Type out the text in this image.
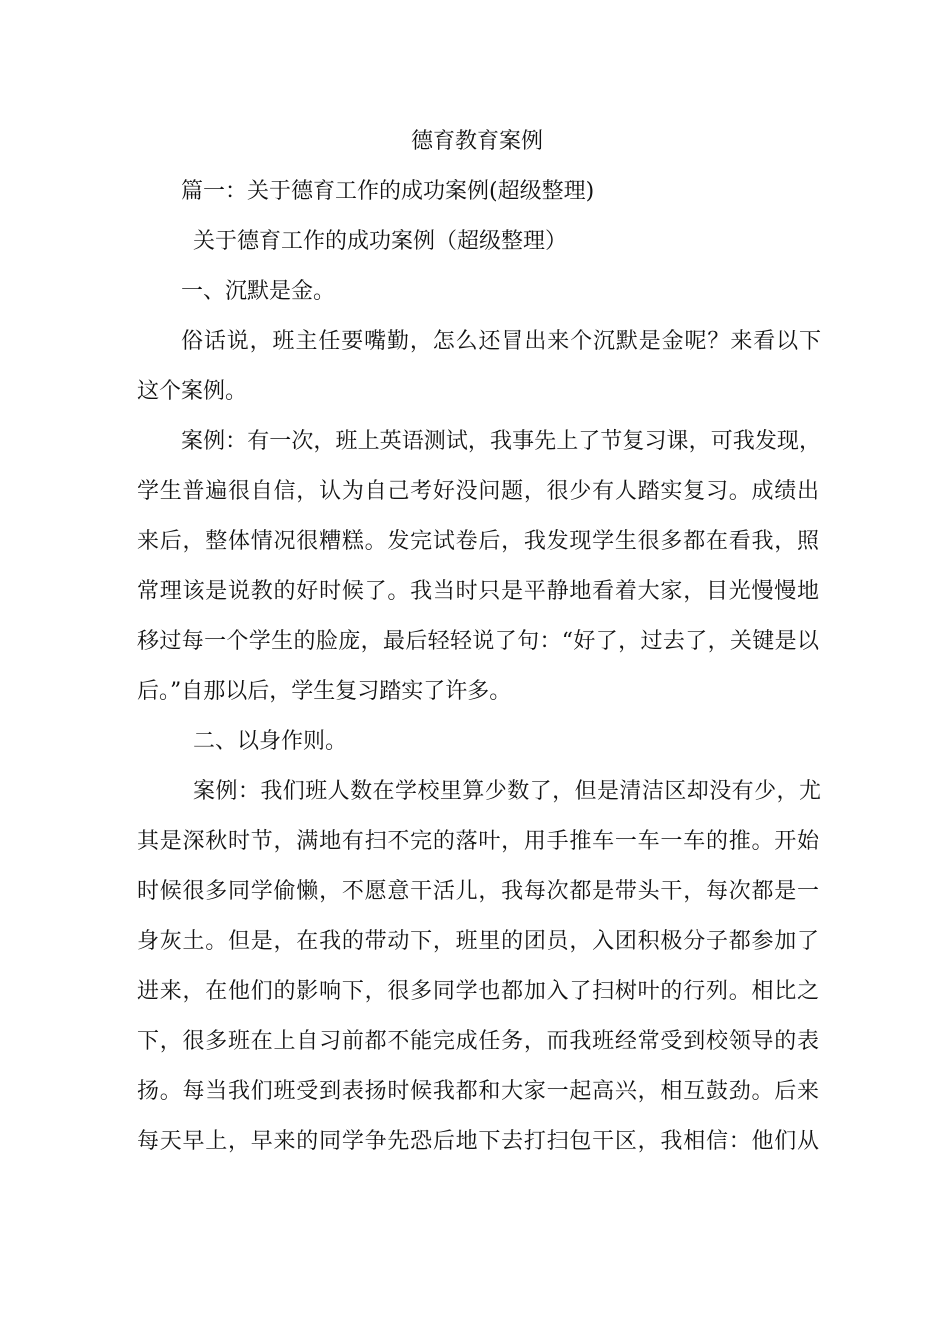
德育教育案例
篇一：关于德育工作的成功案例(超级整理)
关于德育工作的成功案例（超级整理）
一、沉默是金。
俗话说，班主任要嘴勤，怎么还冒出来个沉默是金呢？来看以下
这个案例。
案例：有一次，班上英语测试，我事先上了节复习课，可我发现，
学生普遍很自信，认为自己考好没问题，很少有人踏实复习。成绩出
来后，整体情况很糟糕。发完试卷后，我发现学生很多都在看我，照
常理该是说教的好时候了。我当时只是平静地看着大家，目光慢慢地
移过每一个学生的脸庞，最后轻轻说了句：“好了，过去了，关键是以
后。”自那以后，学生复习踏实了许多。
二、以身作则。
案例：我们班人数在学校里算少数了，但是清洁区却没有少，尤
其是深秋时节，满地有扫不完的落叶，用手推车一车一车的推。开始
时候很多同学偷懒，不愿意干活儿，我每次都是带头干，每次都是一
身灰土。但是，在我的带动下，班里的团员，入团积极分子都参加了
进来，在他们的影响下，很多同学也都加入了扫树叶的行列。相比之
下，很多班在上自习前都不能完成任务，而我班经常受到校领导的表
扬。每当我们班受到表扬时候我都和大家一起高兴，相互鼓劲。后来
每天早上，早来的同学争先恐后地下去打扫包干区，我相信：他们从
